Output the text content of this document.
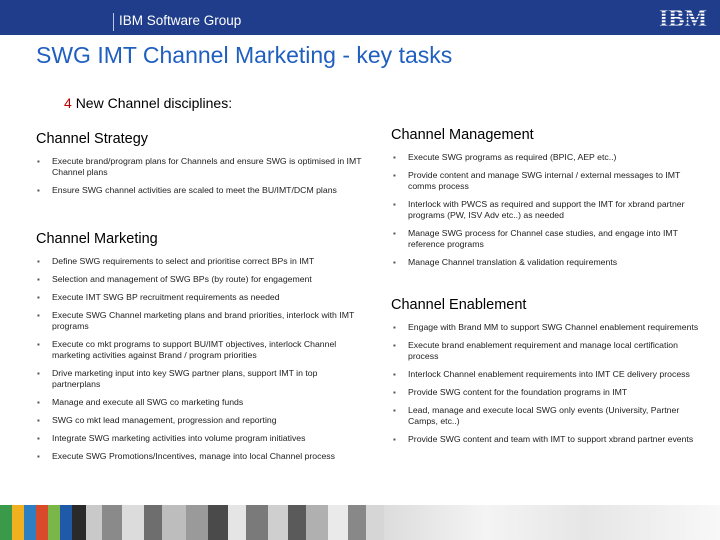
IBM Software Group	IBM
SWG IMT Channel Marketing - key tasks
4 New Channel disciplines:
Channel Strategy
▪ Execute brand/program plans for Channels and ensure SWG is optimised in IMT Channel plans
▪ Ensure SWG channel activities are scaled to meet the BU/IMT/DCM plans
Channel Marketing
▪ Define SWG requirements to select and prioritise correct BPs in IMT
▪ Selection and management of SWG BPs (by route) for engagement
▪ Execute IMT SWG BP recruitment requirements as needed
▪ Execute SWG Channel marketing plans and brand priorities, interlock with IMT programs
▪ Execute co mkt programs to support BU/IMT objectives, interlock Channel marketing activities against Brand / program priorities
▪ Drive marketing input into key SWG partner plans, support IMT in top partnerplans
▪ Manage and execute all SWG co marketing funds
▪ SWG co mkt lead management, progression and reporting
▪ Integrate SWG marketing activities into volume program initiatives
▪ Execute SWG Promotions/Incentives, manage into local Channel process
Channel Management
▪ Execute SWG programs as required (BPIC, AEP etc..)
▪ Provide content and manage SWG internal / external messages to IMT comms process
▪ Interlock with PWCS as required and support the IMT for xbrand partner programs (PW, ISV Adv etc..) as needed
▪ Manage SWG process for Channel case studies, and engage into IMT reference programs
▪ Manage Channel translation & validation requirements
Channel Enablement
▪ Engage with Brand MM to support SWG Channel enablement requirements
▪ Execute brand enablement requirement and manage local certification process
▪ Interlock Channel enablement requirements into IMT CE delivery process
▪ Provide SWG content for the foundation programs in IMT
▪ Lead, manage and execute local SWG only events (University, Partner Camps, etc..)
▪ Provide SWG content and team with IMT to support xbrand partner events
